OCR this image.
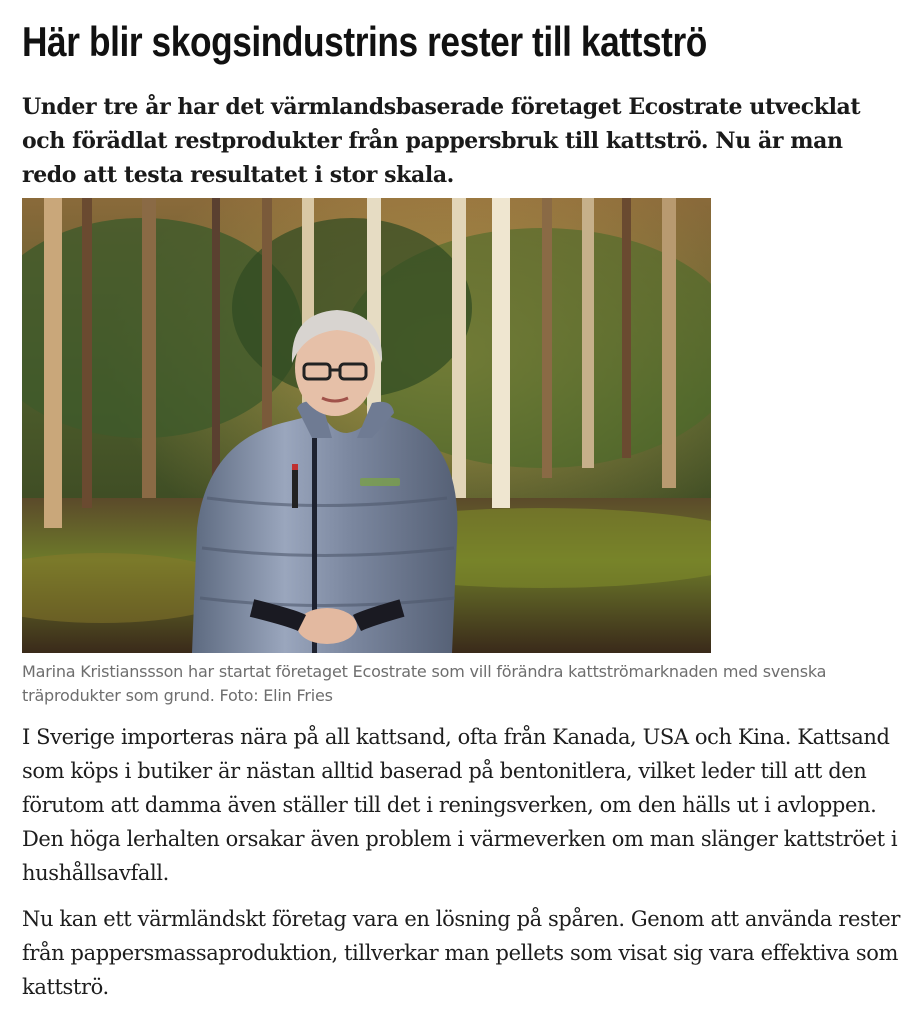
Här blir skogsindustrins rester till kattströ

Under tre år har det värmlandsbaserade företaget Ecostrate utvecklat och förädlat restprodukter från pappersbruk till kattströ. Nu är man redo att testa resultatet i stor skala.

Marina Kristianssson har startat företaget Ecostrate som vill förändra kattströmarknaden med svenska träprodukter som grund. Foto: Elin Fries

I Sverige importeras nära på all kattsand, ofta från Kanada, USA och Kina. Kattsand som köps i butiker är nästan alltid baserad på bentonitlera, vilket leder till att den förutom att damma även ställer till det i reningsverken, om den hälls ut i avloppen. Den höga lerhalten orsakar även problem i värmeverken om man slänger kattströet i hushållsavfall.

Nu kan ett värmländskt företag vara en lösning på spåren. Genom att använda rester från pappersmassaproduktion, tillverkar man pellets som visat sig vara effektiva som kattströ.
